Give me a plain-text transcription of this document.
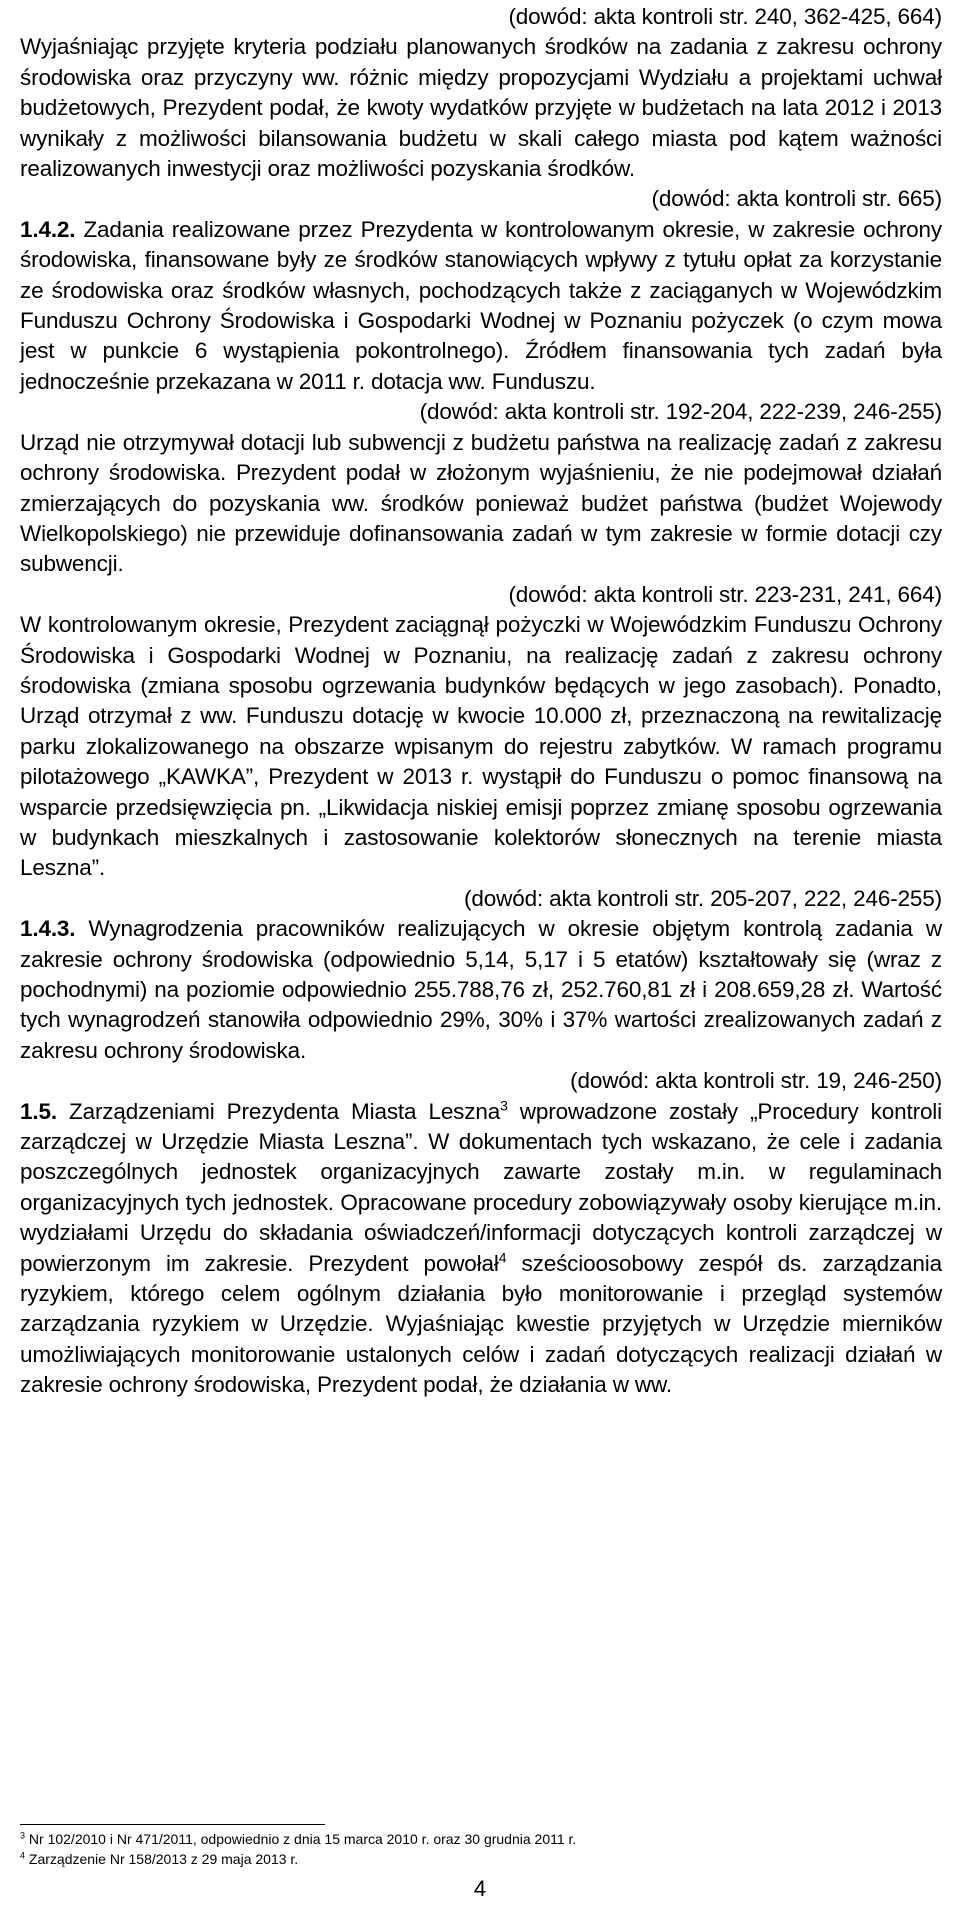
(dowód: akta kontroli str. 240, 362-425, 664)

Wyjaśniając przyjęte kryteria podziału planowanych środków na zadania z zakresu ochrony środowiska oraz przyczyny ww. różnic między propozycjami Wydziału a projektami uchwał budżetowych, Prezydent podał, że kwoty wydatków przyjęte w budżetach na lata 2012 i 2013 wynikały z możliwości bilansowania budżetu w skali całego miasta pod kątem ważności realizowanych inwestycji oraz możliwości pozyskania środków.

(dowód: akta kontroli str. 665)

1.4.2. Zadania realizowane przez Prezydenta w kontrolowanym okresie, w zakresie ochrony środowiska, finansowane były ze środków stanowiących wpływy z tytułu opłat za korzystanie ze środowiska oraz środków własnych, pochodzących także z zaciąganych w Wojewódzkim Funduszu Ochrony Środowiska i Gospodarki Wodnej w Poznaniu pożyczek (o czym mowa jest w punkcie 6 wystąpienia pokontrolnego). Źródłem finansowania tych zadań była jednocześnie przekazana w 2011 r. dotacja ww. Funduszu.

(dowód: akta kontroli str. 192-204, 222-239, 246-255)

Urząd nie otrzymywał dotacji lub subwencji z budżetu państwa na realizację zadań z zakresu ochrony środowiska. Prezydent podał w złożonym wyjaśnieniu, że nie podejmował działań zmierzających do pozyskania ww. środków ponieważ budżet państwa (budżet Wojewody Wielkopolskiego) nie przewiduje dofinansowania zadań w tym zakresie w formie dotacji czy subwencji.

(dowód: akta kontroli str. 223-231, 241, 664)

W kontrolowanym okresie, Prezydent zaciągnął pożyczki w Wojewódzkim Funduszu Ochrony Środowiska i Gospodarki Wodnej w Poznaniu, na realizację zadań z zakresu ochrony środowiska (zmiana sposobu ogrzewania budynków będących w jego zasobach). Ponadto, Urząd otrzymał z ww. Funduszu dotację w kwocie 10.000 zł, przeznaczoną na rewitalizację parku zlokalizowanego na obszarze wpisanym do rejestru zabytków. W ramach programu pilotażowego „KAWKA”, Prezydent w 2013 r. wystąpił do Funduszu o pomoc finansową na wsparcie przedsięwzięcia pn. „Likwidacja niskiej emisji poprzez zmianę sposobu ogrzewania w budynkach mieszkalnych i zastosowanie kolektorów słonecznych na terenie miasta Leszna”.

(dowód: akta kontroli str. 205-207, 222, 246-255)

1.4.3. Wynagrodzenia pracowników realizujących w okresie objętym kontrolą zadania w zakresie ochrony środowiska (odpowiednio 5,14, 5,17 i 5 etatów) kształtowały się (wraz z pochodnymi) na poziomie odpowiednio 255.788,76 zł, 252.760,81 zł i 208.659,28 zł. Wartość tych wynagrodzeń stanowiła odpowiednio 29%, 30% i 37% wartości zrealizowanych zadań z zakresu ochrony środowiska.

(dowód: akta kontroli str. 19, 246-250)

1.5. Zarządzeniami Prezydenta Miasta Leszna$^3$ wprowadzone zostały „Procedury kontroli zarządczej w Urzędzie Miasta Leszna”. W dokumentach tych wskazano, że cele i zadania poszczególnych jednostek organizacyjnych zawarte zostały m.in. w regulaminach organizacyjnych tych jednostek. Opracowane procedury zobowiązywały osoby kierujące m.in. wydziałami Urzędu do składania oświadczeń/informacji dotyczących kontroli zarządczej w powierzonym im zakresie. Prezydent powołał$^4$ sześcioosobowy zespół ds. zarządzania ryzykiem, którego celem ogólnym działania było monitorowanie i przegląd systemów zarządzania ryzykiem w Urzędzie. Wyjaśniając kwestie przyjętych w Urzędzie mierników umożliwiających monitorowanie ustalonych celów i zadań dotyczących realizacji działań w zakresie ochrony środowiska, Prezydent podał, że działania w ww.

$^3$ Nr 102/2010 i Nr 471/2011, odpowiednio z dnia 15 marca 2010 r. oraz 30 grudnia 2011 r.

$^4$ Zarządzenie Nr 158/2013 z 29 maja 2013 r.

4
